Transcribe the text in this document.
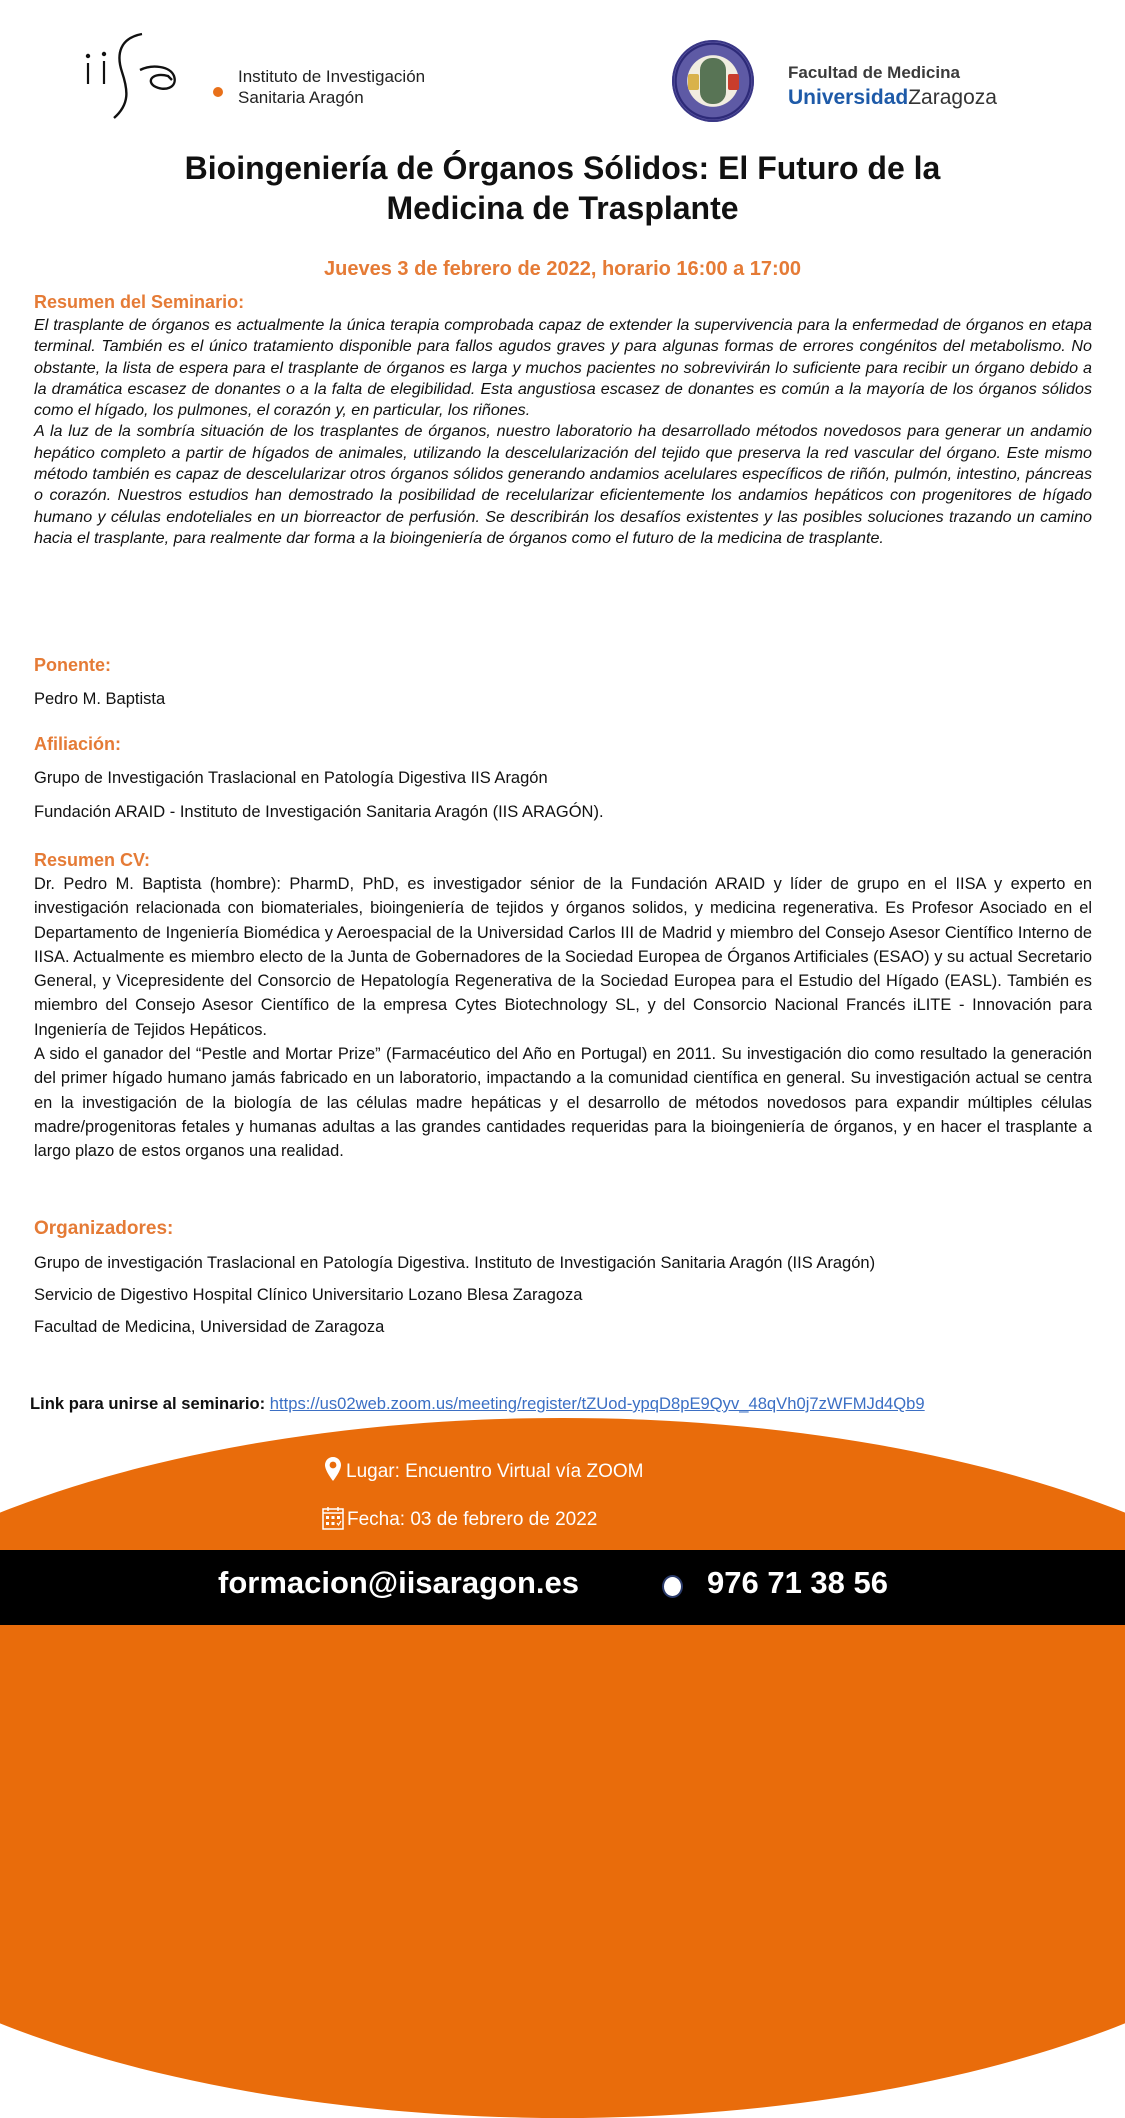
Instituto de Investigación
Sanitaria Aragón
Facultad de Medicina
UniversidadZaragoza
Bioingeniería de Órganos Sólidos: El Futuro de la
Medicina de Trasplante
Jueves 3 de febrero de 2022, horario 16:00 a 17:00
Resumen del Seminario:
El trasplante de órganos es actualmente la única terapia comprobada capaz de extender la supervivencia para la enfermedad de órganos en etapa terminal. También es el único tratamiento disponible para fallos agudos graves y para algunas formas de errores congénitos del metabolismo. No obstante, la lista de espera para el trasplante de órganos es larga y muchos pacientes no sobrevivirán lo suficiente para recibir un órgano debido a la dramática escasez de donantes o a la falta de elegibilidad. Esta angustiosa escasez de donantes es común a la mayoría de los órganos sólidos como el hígado, los pulmones, el corazón y, en particular, los riñones.
A la luz de la sombría situación de los trasplantes de órganos, nuestro laboratorio ha desarrollado métodos novedosos para generar un andamio hepático completo a partir de hígados de animales, utilizando la descelularización del tejido que preserva la red vascular del órgano. Este mismo método también es capaz de descelularizar otros órganos sólidos generando andamios acelulares específicos de riñón, pulmón, intestino, páncreas o corazón. Nuestros estudios han demostrado la posibilidad de recelularizar eficientemente los andamios hepáticos con progenitores de hígado humano y células endoteliales en un biorreactor de perfusión. Se describirán los desafíos existentes y las posibles soluciones trazando un camino hacia el trasplante, para realmente dar forma a la bioingeniería de órganos como el futuro de la medicina de trasplante.
Ponente:
Pedro M. Baptista
Afiliación:
Grupo de Investigación Traslacional en Patología Digestiva IIS Aragón
Fundación ARAID - Instituto de Investigación Sanitaria Aragón (IIS ARAGÓN).
Resumen CV:
Dr. Pedro M. Baptista (hombre): PharmD, PhD, es investigador sénior de la Fundación ARAID y líder de grupo en el IISA y experto en investigación relacionada con biomateriales, bioingeniería de tejidos y órganos solidos, y medicina regenerativa. Es Profesor Asociado en el Departamento de Ingeniería Biomédica y Aeroespacial de la Universidad Carlos III de Madrid y miembro del Consejo Asesor Científico Interno de IISA. Actualmente es miembro electo de la Junta de Gobernadores de la Sociedad Europea de Órganos Artificiales (ESAO) y su actual Secretario General, y Vicepresidente del Consorcio de Hepatología Regenerativa de la Sociedad Europea para el Estudio del Hígado (EASL). También es miembro del Consejo Asesor Científico de la empresa Cytes Biotechnology SL, y del Consorcio Nacional Francés iLITE - Innovación para Ingeniería de Tejidos Hepáticos.
A sido el ganador del “Pestle and Mortar Prize” (Farmacéutico del Año en Portugal) en 2011. Su investigación dio como resultado la generación del primer hígado humano jamás fabricado en un laboratorio, impactando a la comunidad científica en general. Su investigación actual se centra en la investigación de la biología de las células madre hepáticas y el desarrollo de métodos novedosos para expandir múltiples células madre/progenitoras fetales y humanas adultas a las grandes cantidades requeridas para la bioingeniería de órganos, y en hacer el trasplante a largo plazo de estos organos una realidad.
Organizadores:
Grupo de investigación Traslacional en Patología Digestiva. Instituto de Investigación Sanitaria Aragón (IIS Aragón)
Servicio de Digestivo Hospital Clínico Universitario Lozano Blesa Zaragoza
Facultad de Medicina, Universidad de Zaragoza
Link para unirse al seminario: https://us02web.zoom.us/meeting/register/tZUod-ypqD8pE9Qyv_48qVh0j7zWFMJd4Qb9
Lugar: Encuentro Virtual vía ZOOM
Fecha: 03 de febrero de 2022
formacion@iisaragon.es	976 71 38 56
